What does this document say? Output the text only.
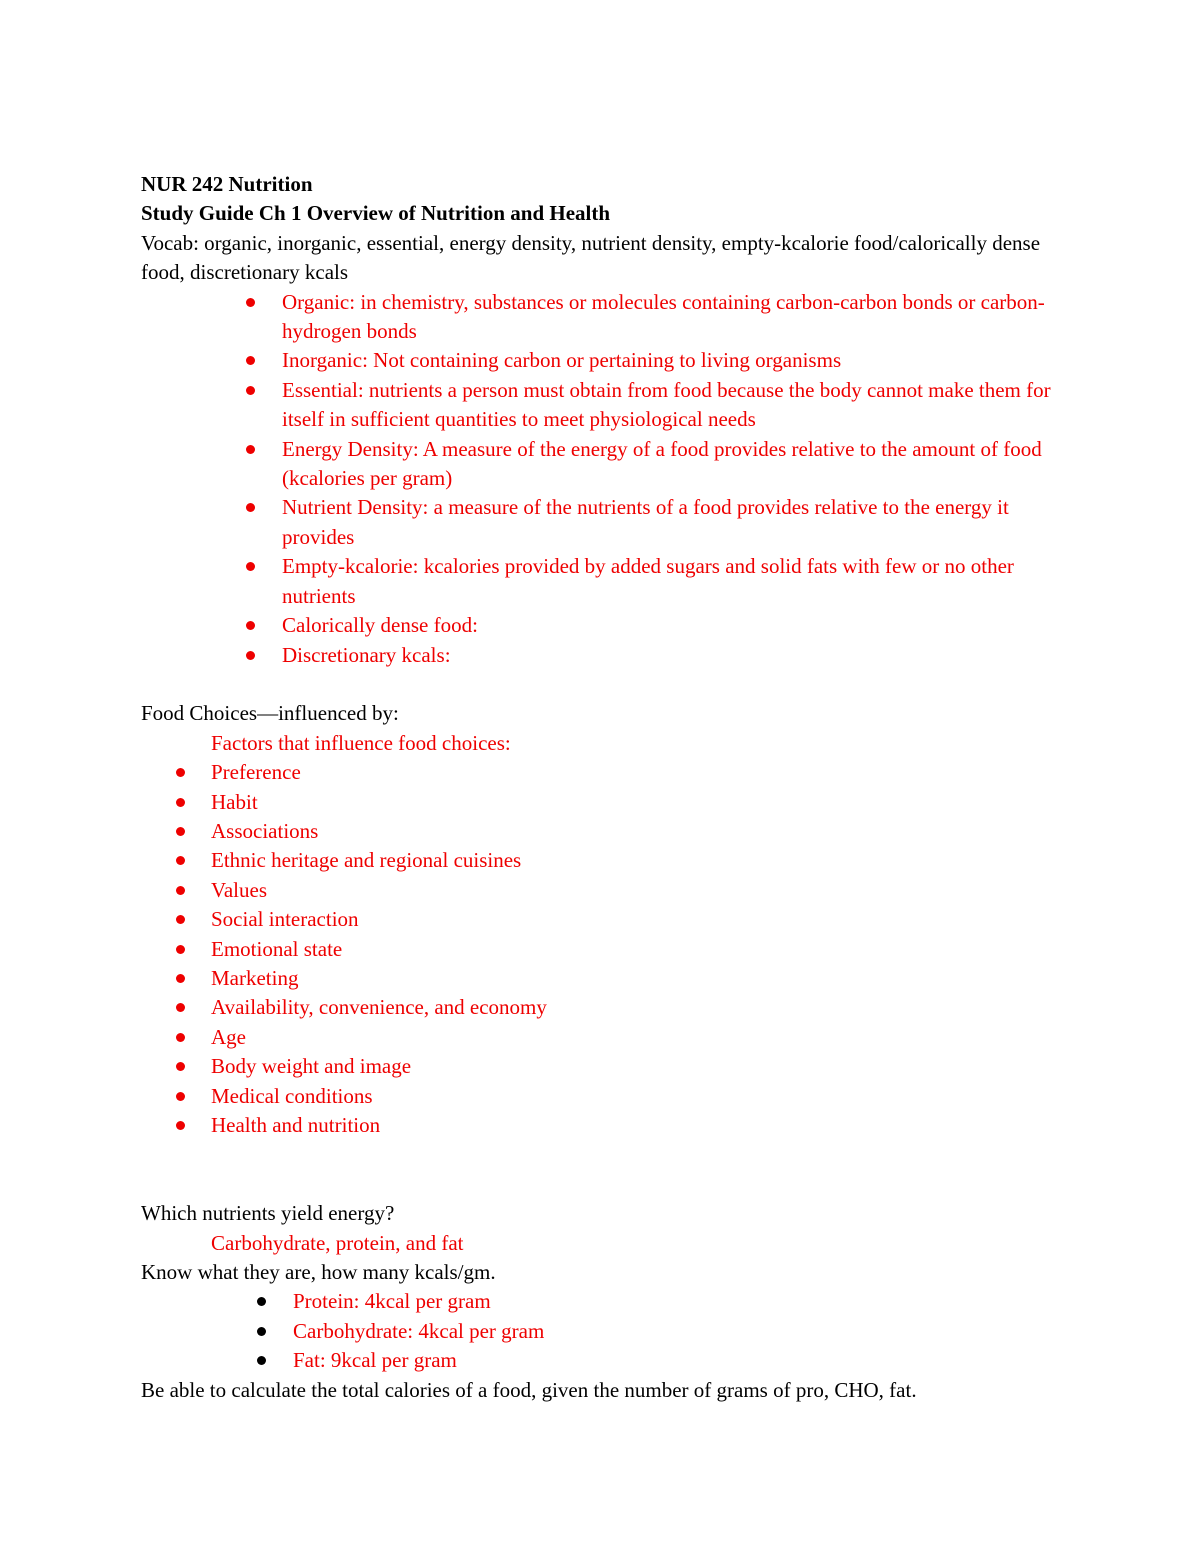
NUR 242 Nutrition

Study Guide Ch 1 Overview of Nutrition and Health

Vocab: organic, inorganic, essential, energy density, nutrient density, empty-kcalorie food/calorically dense food, discretionary kcals

Organic: in chemistry, substances or molecules containing carbon-carbon bonds or carbon-hydrogen bonds
Inorganic: Not containing carbon or pertaining to living organisms
Essential: nutrients a person must obtain from food because the body cannot make them for itself in sufficient quantities to meet physiological needs
Energy Density: A measure of the energy of a food provides relative to the amount of food (kcalories per gram)
Nutrient Density: a measure of the nutrients of a food provides relative to the energy it provides
Empty-kcalorie: kcalories provided by added sugars and solid fats with few or no other nutrients
Calorically dense food:
Discretionary kcals:

Food Choices—influenced by:

Factors that influence food choices:

Preference
Habit
Associations
Ethnic heritage and regional cuisines
Values
Social interaction
Emotional state
Marketing
Availability, convenience, and economy
Age
Body weight and image
Medical conditions
Health and nutrition

Which nutrients yield energy?

Carbohydrate, protein, and fat

Know what they are, how many kcals/gm.

Protein: 4kcal per gram
Carbohydrate: 4kcal per gram
Fat: 9kcal per gram

Be able to calculate the total calories of a food, given the number of grams of pro, CHO, fat.
